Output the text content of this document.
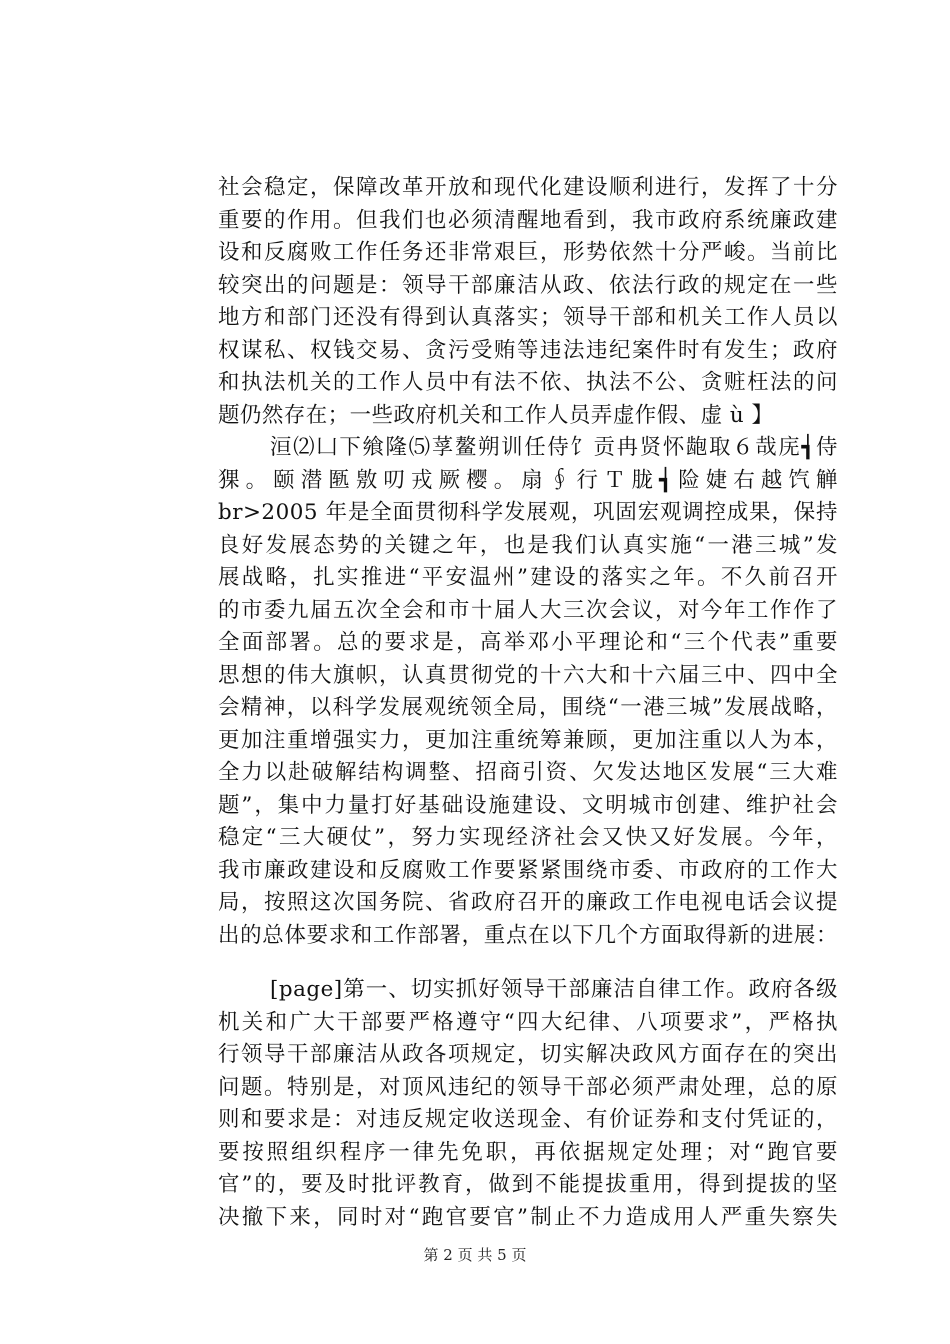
社会稳定，保障改革开放和现代化建设顺利进行，发挥了十分
重要的作用。但我们也必须清醒地看到，我市政府系统廉政建
设和反腐败工作任务还非常艰巨，形势依然十分严峻。当前比
较突出的问题是：领导干部廉洁从政、依法行政的规定在一些
地方和部门还没有得到认真落实；领导干部和机关工作人员以
权谋私、权钱交易、贪污受贿等违法违纪案件时有发生；政府
和执法机关的工作人员中有法不依、执法不公、贪赃枉法的问
题仍然存在；一些政府机关和工作人员弄虚作假、虚 ù 】
洹⑵凵下飨隆⑸莩鳌朔训任侍饣贡冉贤怀龅取６哉庑┪侍
猓。颐潜匦敫叨戎厥樱。扇∮行Ｔ胧┪险婕右越饩觯
br>2005 年是全面贯彻科学发展观，巩固宏观调控成果，保持
良好发展态势的关键之年，也是我们认真实施“一港三城”发
展战略，扎实推进“平安温州”建设的落实之年。不久前召开
的市委九届五次全会和市十届人大三次会议，对今年工作作了
全面部署。总的要求是，高举邓小平理论和“三个代表”重要
思想的伟大旗帜，认真贯彻党的十六大和十六届三中、四中全
会精神，以科学发展观统领全局，围绕“一港三城”发展战略，
更加注重增强实力，更加注重统筹兼顾，更加注重以人为本，
全力以赴破解结构调整、招商引资、欠发达地区发展“三大难
题”，集中力量打好基础设施建设、文明城市创建、维护社会
稳定“三大硬仗”，努力实现经济社会又快又好发展。今年，
我市廉政建设和反腐败工作要紧紧围绕市委、市政府的工作大
局，按照这次国务院、省政府召开的廉政工作电视电话会议提
出的总体要求和工作部署，重点在以下几个方面取得新的进展：
[page]第一、切实抓好领导干部廉洁自律工作。政府各级
机关和广大干部要严格遵守“四大纪律、八项要求”，严格执
行领导干部廉洁从政各项规定，切实解决政风方面存在的突出
问题。特别是，对顶风违纪的领导干部必须严肃处理，总的原
则和要求是：对违反规定收送现金、有价证券和支付凭证的，
要按照组织程序一律先免职，再依据规定处理；对“跑官要
官”的，要及时批评教育，做到不能提拔重用，得到提拔的坚
决撤下来，同时对“跑官要官”制止不力造成用人严重失察失
第 2 页 共 5 页
